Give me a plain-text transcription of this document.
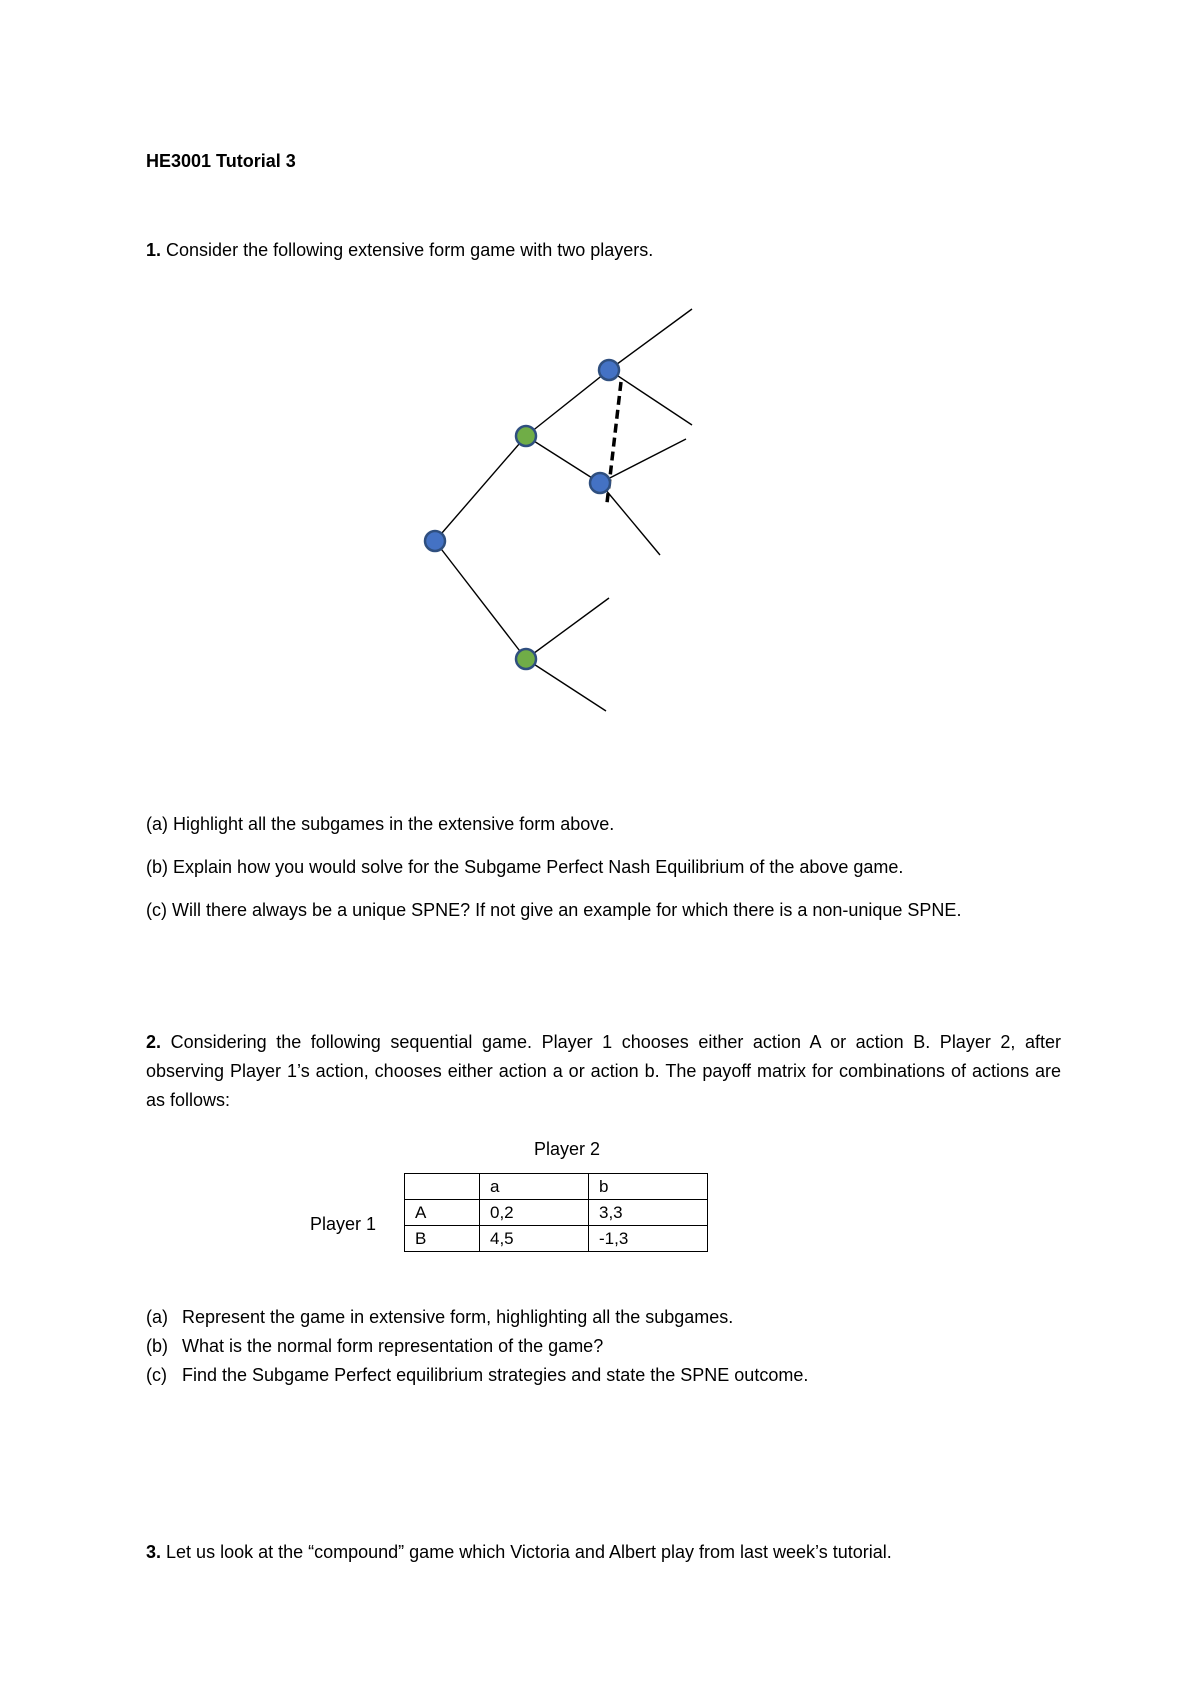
HE3001 Tutorial 3
1. Consider the following extensive form game with two players.
(a) Highlight all the subgames in the extensive form above.
(b) Explain how you would solve for the Subgame Perfect Nash Equilibrium of the above game.
(c) Will there always be a unique SPNE? If not give an example for which there is a non-unique SPNE.
2. Considering the following sequential game. Player 1 chooses either action A or action B. Player 2, after observing Player 1’s action, chooses either action a or action b. The payoff matrix for combinations of actions are as follows:
Player 2
Player 1
	a	b
A	0,2	3,3
B	4,5	-1,3
(a) Represent the game in extensive form, highlighting all the subgames.
(b) What is the normal form representation of the game?
(c) Find the Subgame Perfect equilibrium strategies and state the SPNE outcome.
3. Let us look at the “compound” game which Victoria and Albert play from last week’s tutorial.
